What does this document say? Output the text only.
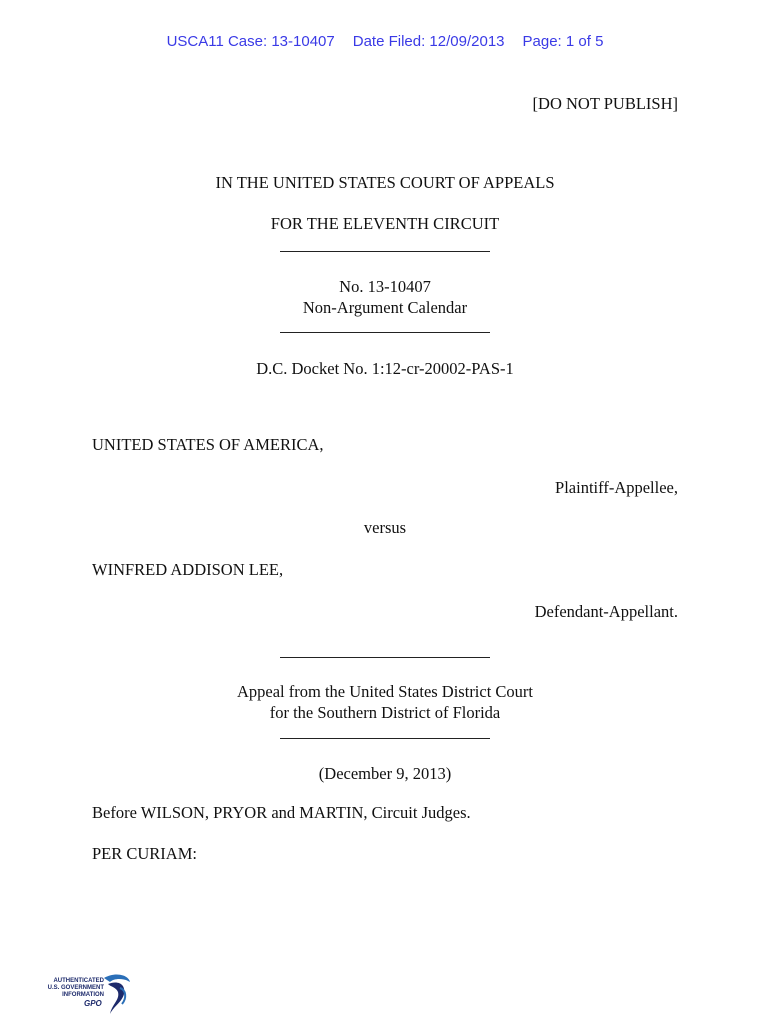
USCA11 Case: 13-10407 Date Filed: 12/09/2013 Page: 1 of 5
[DO NOT PUBLISH]
IN THE UNITED STATES COURT OF APPEALS
FOR THE ELEVENTH CIRCUIT
No. 13-10407
Non-Argument Calendar
D.C. Docket No. 1:12-cr-20002-PAS-1
UNITED STATES OF AMERICA,
Plaintiff-Appellee,
versus
WINFRED ADDISON LEE,
Defendant-Appellant.
Appeal from the United States District Court
for the Southern District of Florida
(December 9, 2013)
Before WILSON, PRYOR and MARTIN, Circuit Judges.
PER CURIAM:
AUTHENTICATED
U.S. GOVERNMENT
INFORMATION
GPO
